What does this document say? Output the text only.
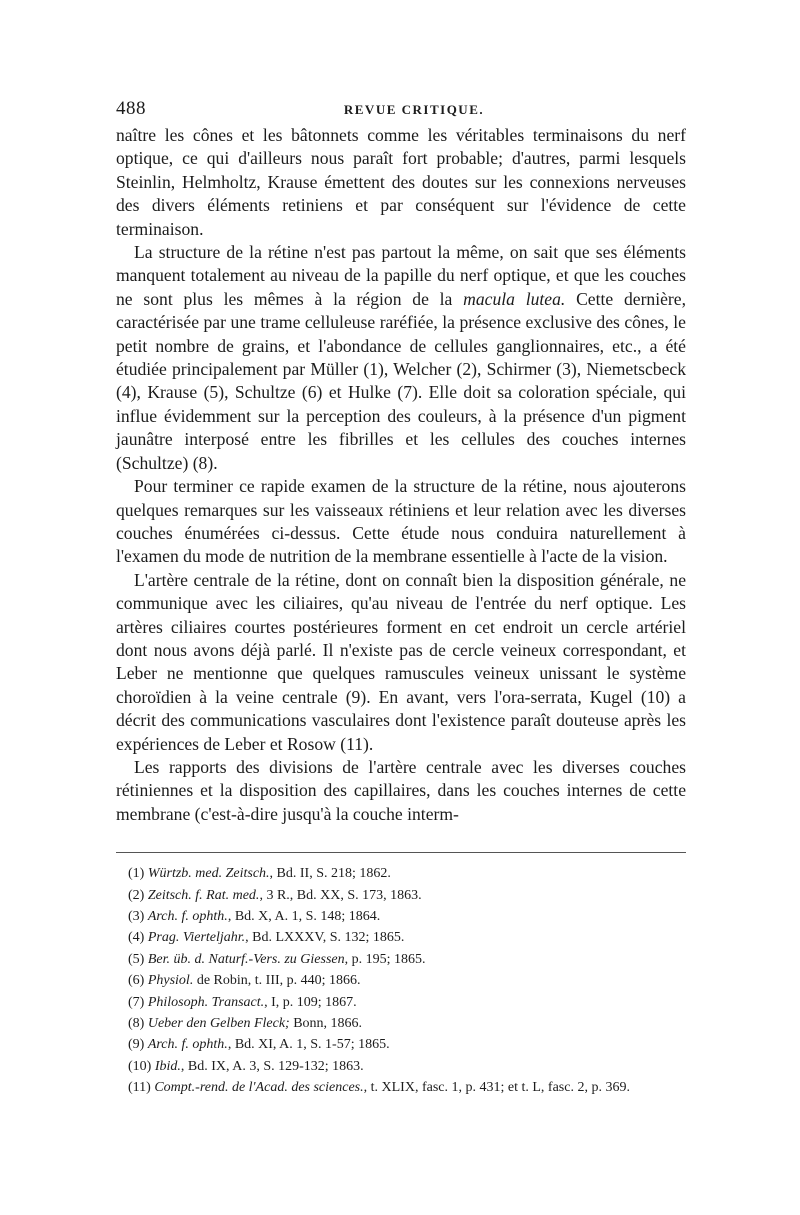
488	REVUE CRITIQUE.

naître les cônes et les bâtonnets comme les véritables terminaisons du nerf optique, ce qui d'ailleurs nous paraît fort probable; d'autres, parmi lesquels Steinlin, Helmholtz, Krause émettent des doutes sur les connexions nerveuses des divers éléments retiniens et par conséquent sur l'évidence de cette terminaison.

La structure de la rétine n'est pas partout la même, on sait que ses éléments manquent totalement au niveau de la papille du nerf optique, et que les couches ne sont plus les mêmes à la région de la macula lutea. Cette dernière, caractérisée par une trame celluleuse raréfiée, la présence exclusive des cônes, le petit nombre de grains, et l'abondance de cellules ganglionnaires, etc., a été étudiée principalement par Müller (1), Welcher (2), Schirmer (3), Niemetscbeck (4), Krause (5), Schultze (6) et Hulke (7). Elle doit sa coloration spéciale, qui influe évidemment sur la perception des couleurs, à la présence d'un pigment jaunâtre interposé entre les fibrilles et les cellules des couches internes (Schultze) (8).

Pour terminer ce rapide examen de la structure de la rétine, nous ajouterons quelques remarques sur les vaisseaux rétiniens et leur relation avec les diverses couches énumérées ci-dessus. Cette étude nous conduira naturellement à l'examen du mode de nutrition de la membrane essentielle à l'acte de la vision.

L'artère centrale de la rétine, dont on connaît bien la disposition générale, ne communique avec les ciliaires, qu'au niveau de l'entrée du nerf optique. Les artères ciliaires courtes postérieures forment en cet endroit un cercle artériel dont nous avons déjà parlé. Il n'existe pas de cercle veineux correspondant, et Leber ne mentionne que quelques ramuscules veineux unissant le système choroïdien à la veine centrale (9). En avant, vers l'ora-serrata, Kugel (10) a décrit des communications vasculaires dont l'existence paraît douteuse après les expériences de Leber et Rosow (11).

Les rapports des divisions de l'artère centrale avec les diverses couches rétiniennes et la disposition des capillaires, dans les couches internes de cette membrane (c'est-à-dire jusqu'à la couche interm-

(1) Würtzb. med. Zeitsch., Bd. II, S. 218; 1862.
(2) Zeitsch. f. Rat. med., 3 R., Bd. XX, S. 173, 1863.
(3) Arch. f. ophth., Bd. X, A. 1, S. 148; 1864.
(4) Prag. Vierteljahr., Bd. LXXXV, S. 132; 1865.
(5) Ber. üb. d. Naturf.-Vers. zu Giessen, p. 195; 1865.
(6) Physiol. de Robin, t. III, p. 440; 1866.
(7) Philosoph. Transact., I, p. 109; 1867.
(8) Ueber den Gelben Fleck; Bonn, 1866.
(9) Arch. f. ophth., Bd. XI, A. 1, S. 1-57; 1865.
(10) Ibid., Bd. IX, A. 3, S. 129-132; 1863.
(11) Compt.-rend. de l'Acad. des sciences., t. XLIX, fasc. 1, p. 431; et t. L, fasc. 2, p. 369.
